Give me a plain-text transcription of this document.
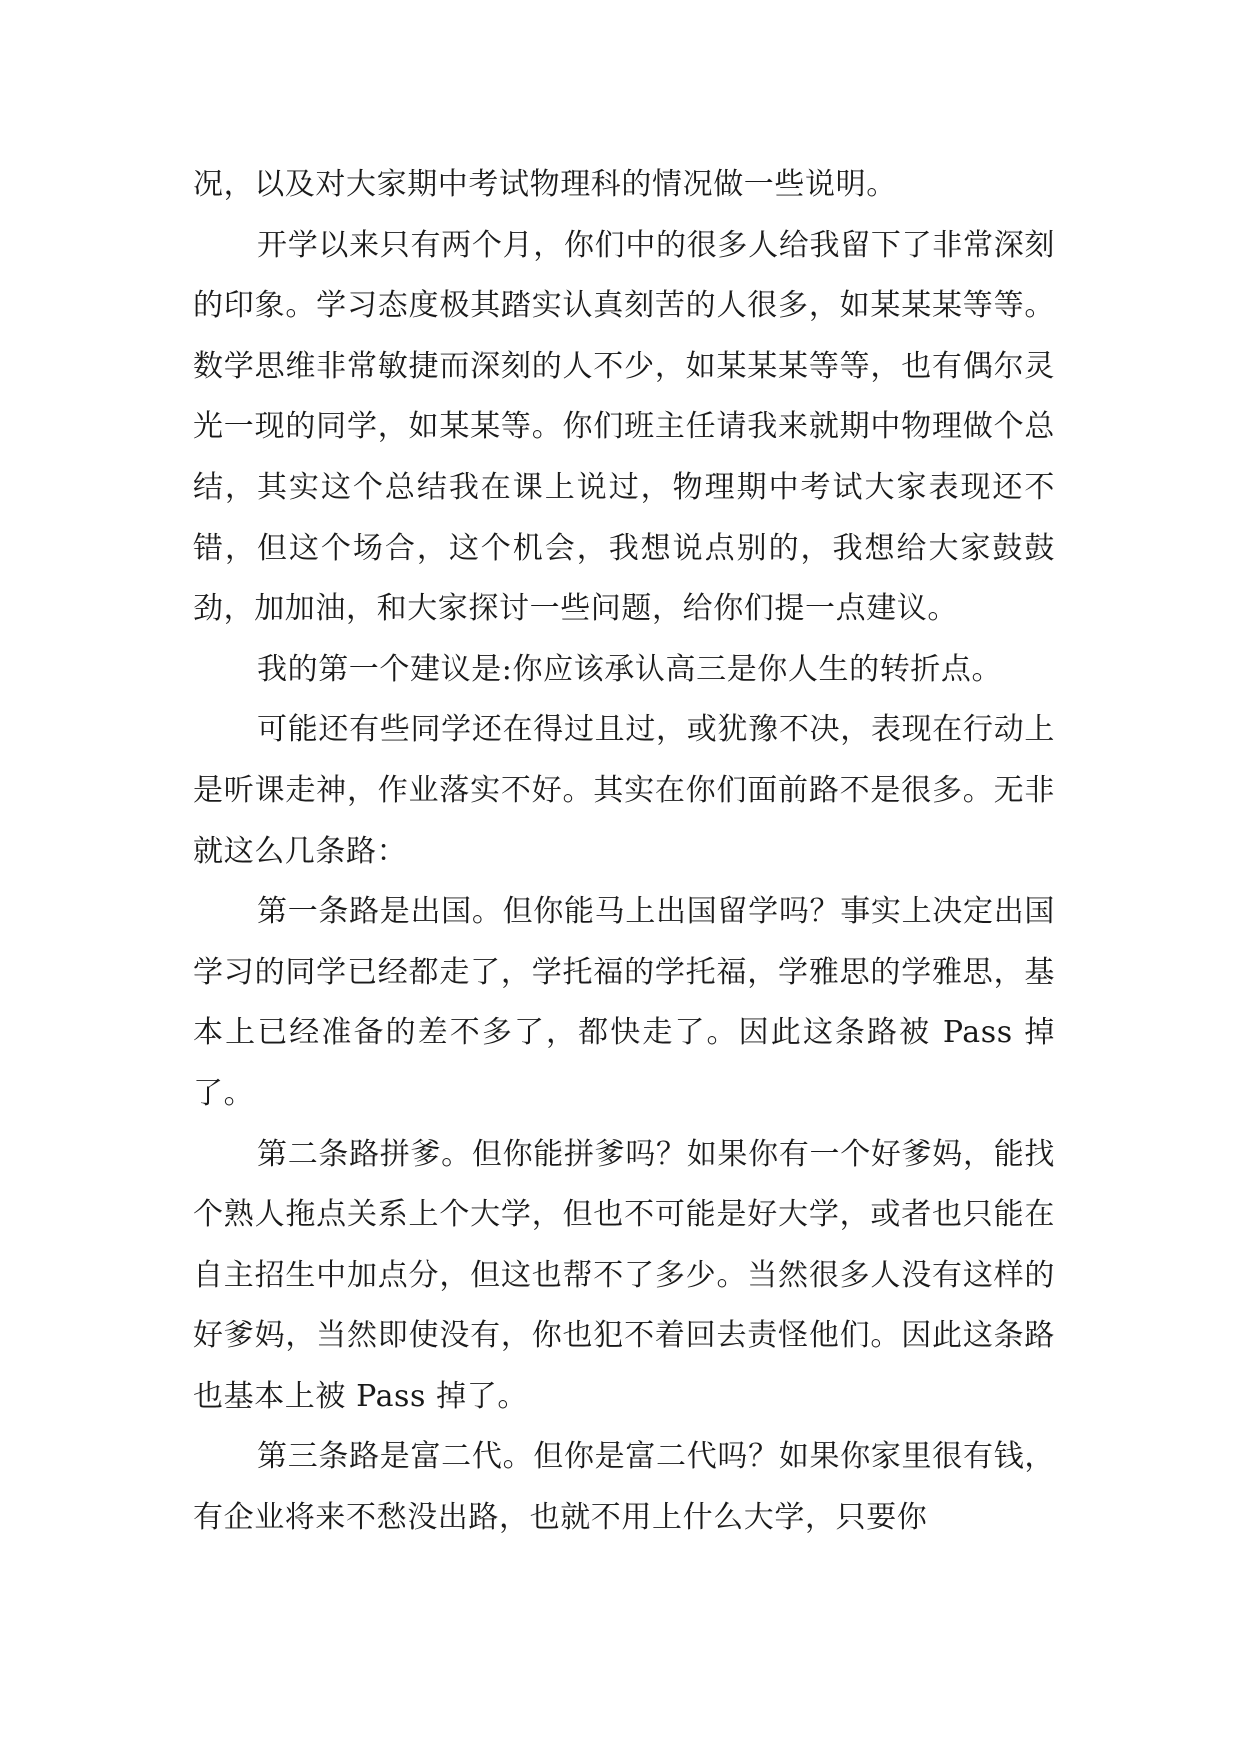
况，以及对大家期中考试物理科的情况做一些说明。

开学以来只有两个月，你们中的很多人给我留下了非常深刻的印象。学习态度极其踏实认真刻苦的人很多，如某某某等等。数学思维非常敏捷而深刻的人不少，如某某某等等，也有偶尔灵光一现的同学，如某某等。你们班主任请我来就期中物理做个总结，其实这个总结我在课上说过，物理期中考试大家表现还不错，但这个场合，这个机会，我想说点别的，我想给大家鼓鼓劲，加加油，和大家探讨一些问题，给你们提一点建议。

我的第一个建议是:你应该承认高三是你人生的转折点。

可能还有些同学还在得过且过，或犹豫不决，表现在行动上是听课走神，作业落实不好。其实在你们面前路不是很多。无非就这么几条路：

第一条路是出国。但你能马上出国留学吗？事实上决定出国学习的同学已经都走了，学托福的学托福，学雅思的学雅思，基本上已经准备的差不多了，都快走了。因此这条路被 Pass 掉了。

第二条路拼爹。但你能拼爹吗？如果你有一个好爹妈，能找个熟人拖点关系上个大学，但也不可能是好大学，或者也只能在自主招生中加点分，但这也帮不了多少。当然很多人没有这样的好爹妈，当然即使没有，你也犯不着回去责怪他们。因此这条路也基本上被 Pass 掉了。

第三条路是富二代。但你是富二代吗？如果你家里很有钱，有企业将来不愁没出路，也就不用上什么大学，只要你
